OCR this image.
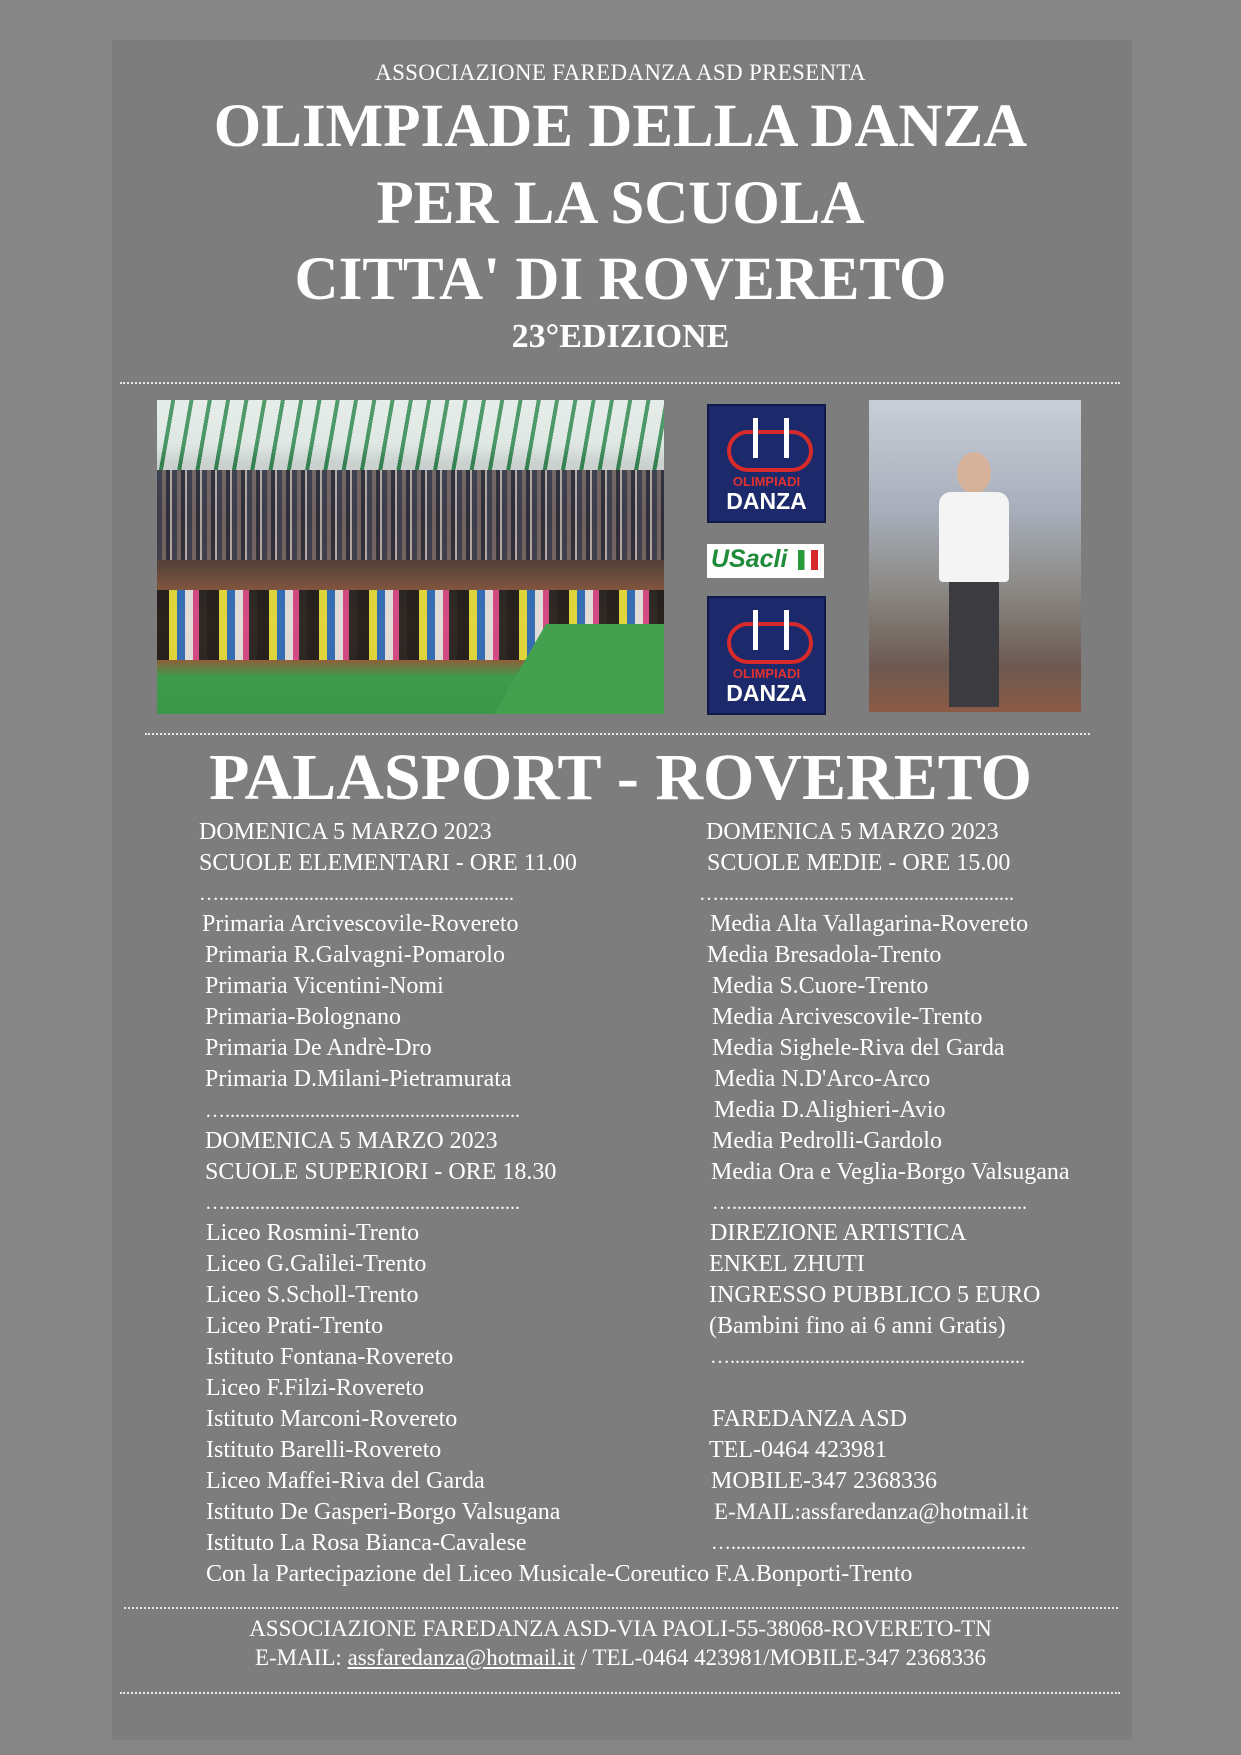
ASSOCIAZIONE FAREDANZA ASD PRESENTA
OLIMPIADE DELLA DANZA
PER LA SCUOLA
CITTA' DI ROVERETO
23°EDIZIONE
OLIMPIADI
DANZA
USacli
OLIMPIADI
DANZA
PALASPORT - ROVERETO
DOMENICA 5 MARZO 2023
SCUOLE ELEMENTARI - ORE 11.00
…...........................................................
Primaria Arcivescovile-Rovereto
Primaria R.Galvagni-Pomarolo
Primaria Vicentini-Nomi
Primaria-Bolognano
Primaria De Andrè-Dro
Primaria D.Milani-Pietramurata
…...........................................................
DOMENICA 5 MARZO 2023
SCUOLE SUPERIORI - ORE 18.30
…...........................................................
Liceo Rosmini-Trento
Liceo G.Galilei-Trento
Liceo S.Scholl-Trento
Liceo Prati-Trento
Istituto Fontana-Rovereto
Liceo F.Filzi-Rovereto
Istituto Marconi-Rovereto
Istituto Barelli-Rovereto
Liceo Maffei-Riva del Garda
Istituto De Gasperi-Borgo Valsugana
Istituto La Rosa Bianca-Cavalese
Con la Partecipazione del Liceo Musicale-Coreutico F.A.Bonporti-Trento
DOMENICA 5 MARZO 2023
SCUOLE MEDIE - ORE 15.00
…...........................................................
Media Alta Vallagarina-Rovereto
Media Bresadola-Trento
Media S.Cuore-Trento
Media Arcivescovile-Trento
Media Sighele-Riva del Garda
Media N.D'Arco-Arco
Media D.Alighieri-Avio
Media Pedrolli-Gardolo
Media Ora e Veglia-Borgo Valsugana
…...........................................................
DIREZIONE ARTISTICA
ENKEL ZHUTI
INGRESSO PUBBLICO 5 EURO
(Bambini fino ai 6 anni Gratis)
…...........................................................
FAREDANZA ASD
TEL-0464 423981
MOBILE-347 2368336
E-MAIL:assfaredanza@hotmail.it
…...........................................................
ASSOCIAZIONE FAREDANZA ASD-VIA PAOLI-55-38068-ROVERETO-TN
E-MAIL: assfaredanza@hotmail.it / TEL-0464 423981/MOBILE-347 2368336
